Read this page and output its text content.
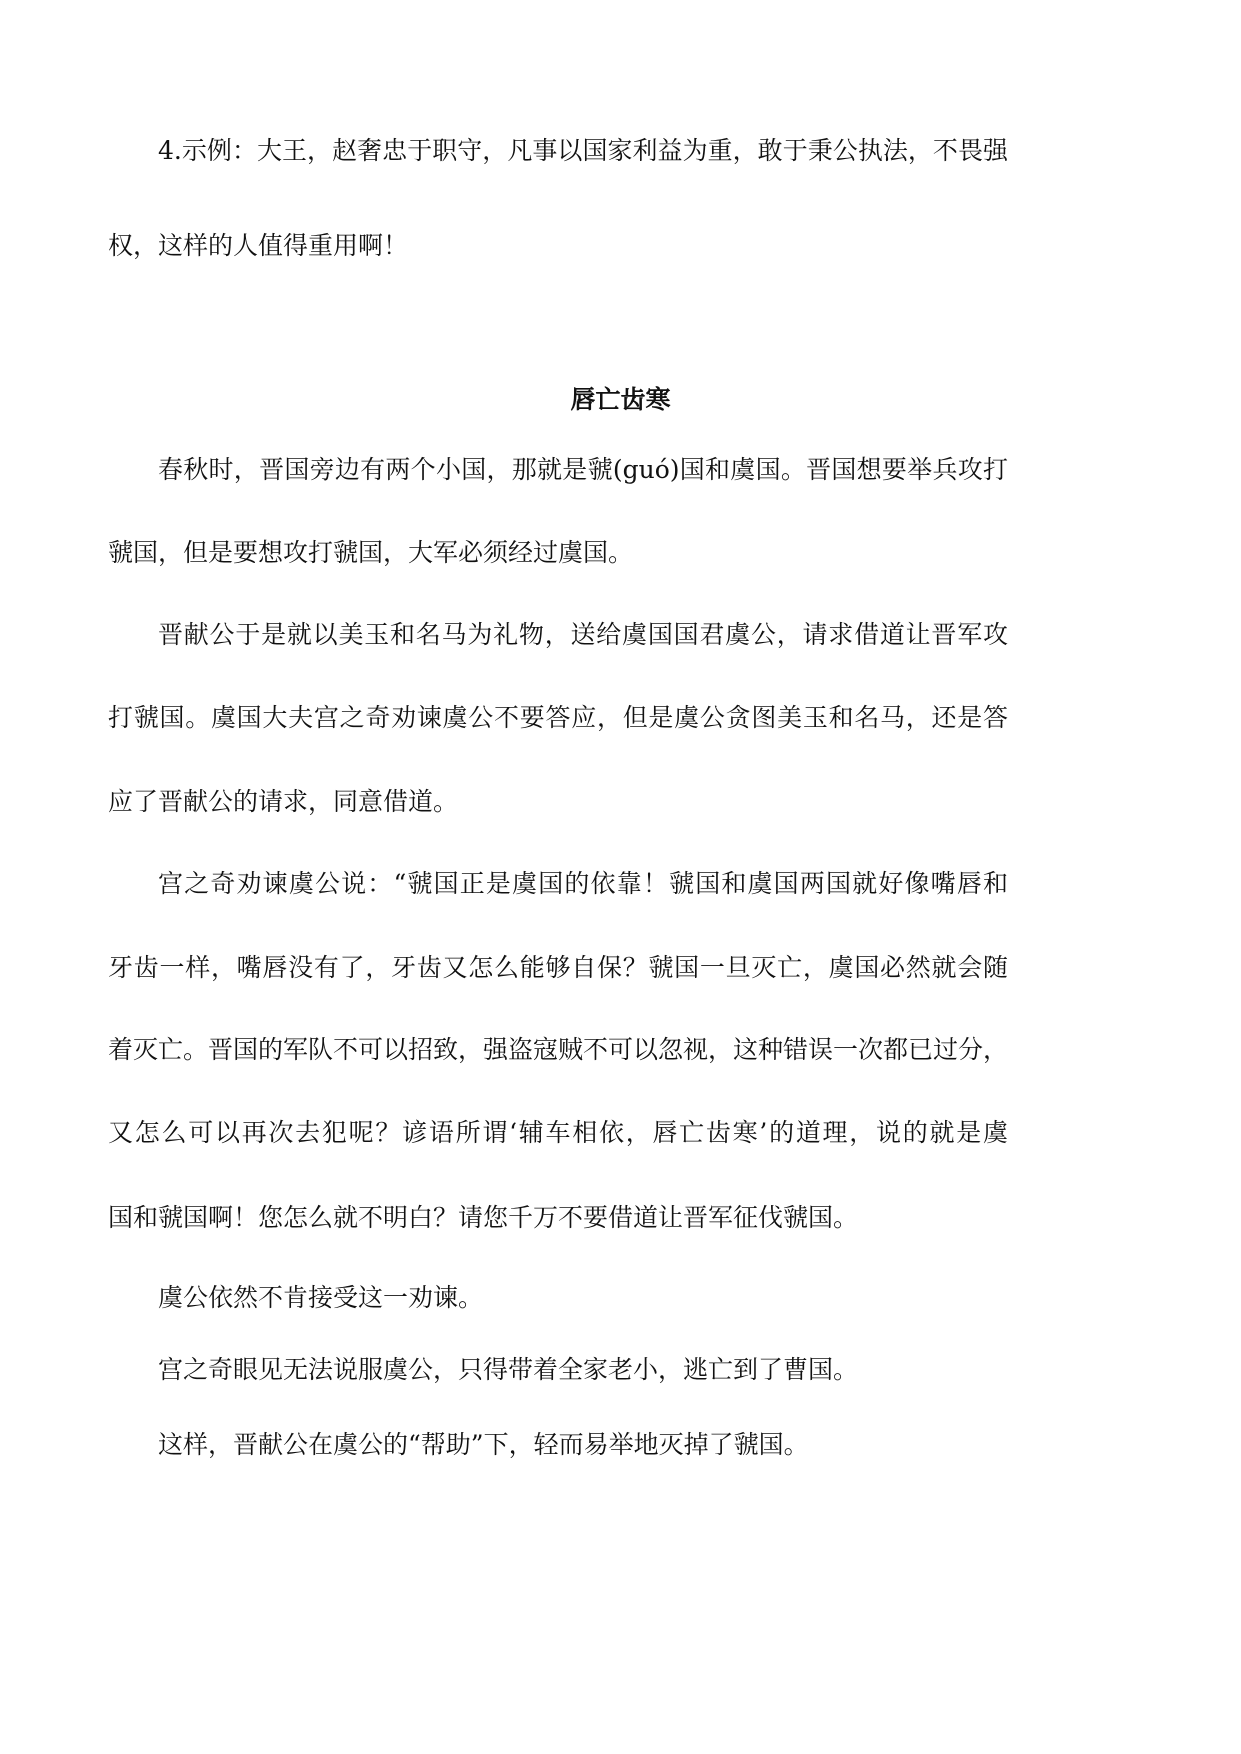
4.示例：大王，赵奢忠于职守，凡事以国家利益为重，敢于秉公执法，不畏强
权，这样的人值得重用啊！
唇亡齿寒
春秋时，晋国旁边有两个小国，那就是虢(guó)国和虞国。晋国想要举兵攻打
虢国，但是要想攻打虢国，大军必须经过虞国。
晋献公于是就以美玉和名马为礼物，送给虞国国君虞公，请求借道让晋军攻
打虢国。虞国大夫宫之奇劝谏虞公不要答应，但是虞公贪图美玉和名马，还是答
应了晋献公的请求，同意借道。
宫之奇劝谏虞公说：“虢国正是虞国的依靠！虢国和虞国两国就好像嘴唇和
牙齿一样，嘴唇没有了，牙齿又怎么能够自保？虢国一旦灭亡，虞国必然就会随
着灭亡。晋国的军队不可以招致，强盗寇贼不可以忽视，这种错误一次都已过分，
又怎么可以再次去犯呢？谚语所谓‘辅车相依，唇亡齿寒’的道理，说的就是虞
国和虢国啊！您怎么就不明白？请您千万不要借道让晋军征伐虢国。
虞公依然不肯接受这一劝谏。
宫之奇眼见无法说服虞公，只得带着全家老小，逃亡到了曹国。
这样，晋献公在虞公的“帮助”下，轻而易举地灭掉了虢国。
